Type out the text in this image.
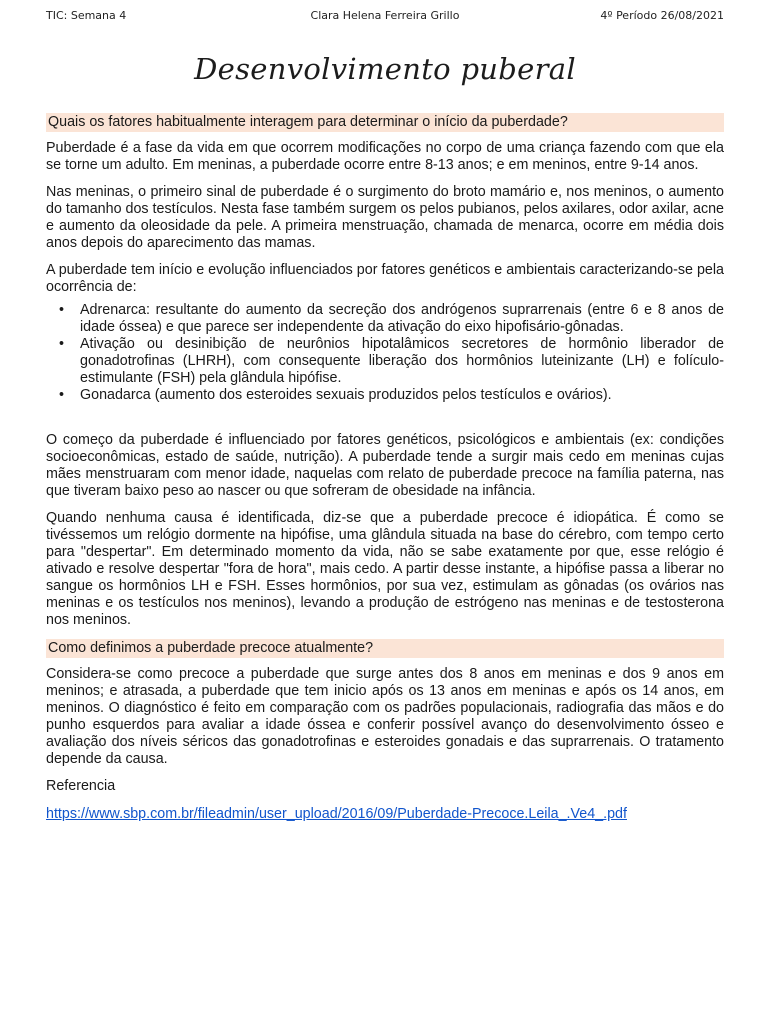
TIC: Semana 4	Clara Helena Ferreira Grillo	4º Período 26/08/2021
Desenvolvimento puberal
Quais os fatores habitualmente interagem para determinar o início da puberdade?

Puberdade é a fase da vida em que ocorrem modificações no corpo de uma criança fazendo com que ela se torne um adulto. Em meninas, a puberdade ocorre entre 8-13 anos; e em meninos, entre 9-14 anos.

Nas meninas, o primeiro sinal de puberdade é o surgimento do broto mamário e, nos meninos, o aumento do tamanho dos testículos. Nesta fase também surgem os pelos pubianos, pelos axilares, odor axilar, acne e aumento da oleosidade da pele. A primeira menstruação, chamada de menarca, ocorre em média dois anos depois do aparecimento das mamas.

A puberdade tem início e evolução influenciados por fatores genéticos e ambientais caracterizando-se pela ocorrência de:

• Adrenarca: resultante do aumento da secreção dos andrógenos suprarrenais (entre 6 e 8 anos de idade óssea) e que parece ser independente da ativação do eixo hipofisário-gônadas.
• Ativação ou desinibição de neurônios hipotalâmicos secretores de hormônio liberador de gonadotrofinas (LHRH), com consequente liberação dos hormônios luteinizante (LH) e folículo-estimulante (FSH) pela glândula hipófise.
• Gonadarca (aumento dos esteroides sexuais produzidos pelos testículos e ovários).

O começo da puberdade é influenciado por fatores genéticos, psicológicos e ambientais (ex: condições socioeconômicas, estado de saúde, nutrição). A puberdade tende a surgir mais cedo em meninas cujas mães menstruaram com menor idade, naquelas com relato de puberdade precoce na família paterna, nas que tiveram baixo peso ao nascer ou que sofreram de obesidade na infância.

Quando nenhuma causa é identificada, diz-se que a puberdade precoce é idiopática. É como se tivéssemos um relógio dormente na hipófise, uma glândula situada na base do cérebro, com tempo certo para "despertar". Em determinado momento da vida, não se sabe exatamente por que, esse relógio é ativado e resolve despertar "fora de hora", mais cedo. A partir desse instante, a hipófise passa a liberar no sangue os hormônios LH e FSH. Esses hormônios, por sua vez, estimulam as gônadas (os ovários nas meninas e os testículos nos meninos), levando a produção de estrógeno nas meninas e de testosterona nos meninos.

Como definimos a puberdade precoce atualmente?

Considera-se como precoce a puberdade que surge antes dos 8 anos em meninas e dos 9 anos em meninos; e atrasada, a puberdade que tem inicio após os 13 anos em meninas e após os 14 anos, em meninos. O diagnóstico é feito em comparação com os padrões populacionais, radiografia das mãos e do punho esquerdos para avaliar a idade óssea e conferir possível avanço do desenvolvimento ósseo e avaliação dos níveis séricos das gonadotrofinas e esteroides gonadais e das suprarrenais. O tratamento depende da causa.

Referencia

https://www.sbp.com.br/fileadmin/user_upload/2016/09/Puberdade-Precoce.Leila_.Ve4_.pdf
